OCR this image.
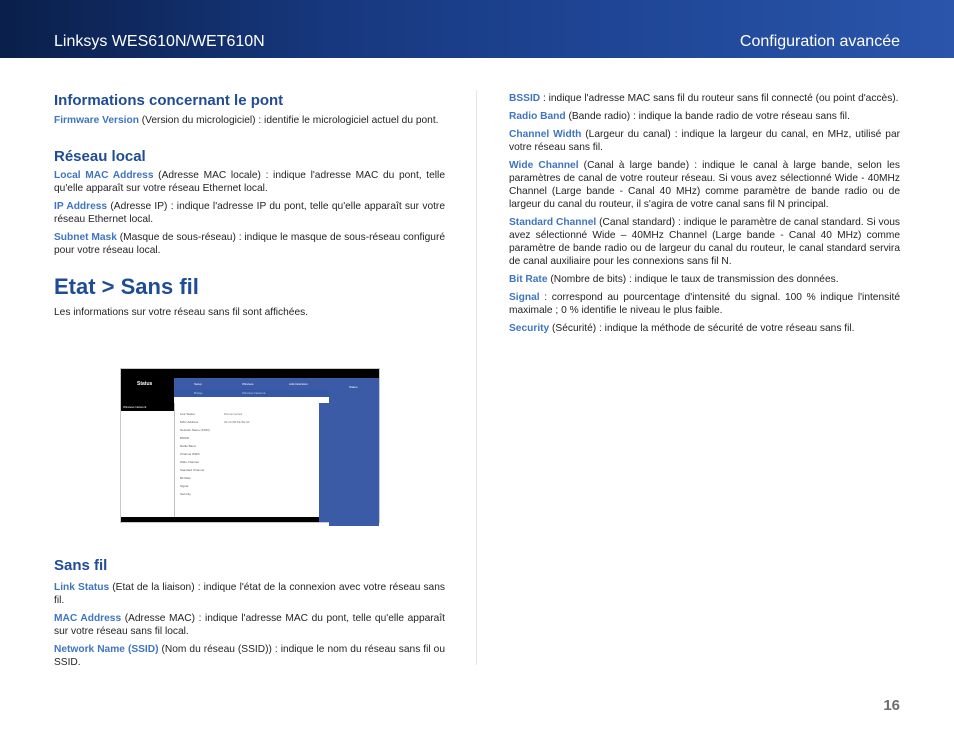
Linksys WES610N/WET610N	Configuration avancée
Informations concernant le pont

Firmware Version (Version du micrologiciel) : identifie le micrologiciel actuel du pont.

Réseau local

Local MAC Address (Adresse MAC locale) : indique l'adresse MAC du pont, telle qu'elle apparaît sur votre réseau Ethernet local.

IP Address (Adresse IP) : indique l'adresse IP du pont, telle qu'elle apparaît sur votre réseau Ethernet local.

Subnet Mask (Masque de sous-réseau) : indique le masque de sous-réseau configuré pour votre réseau local.

Etat > Sans fil

Les informations sur votre réseau sans fil sont affichées.

Status	Setup	Wireless	Administration
Bridge	Wireless Network
Status
Wireless Network
Link Status
MAC Address
Network Name (SSID)
BSSID
Radio Band
Channel Width
Wide Channel
Standard Channel
Bit Rate
Signal
Security
Disconnected
00:22:6B:FE:5E:9A
Sans fil

Link Status (Etat de la liaison) : indique l'état de la connexion avec votre réseau sans fil.

MAC Address (Adresse MAC) : indique l'adresse MAC du pont, telle qu'elle apparaît sur votre réseau sans fil local.

Network Name (SSID) (Nom du réseau (SSID)) : indique le nom du réseau sans fil ou SSID.

BSSID : indique l'adresse MAC sans fil du routeur sans fil connecté (ou point d'accès).

Radio Band (Bande radio) : indique la bande radio de votre réseau sans fil.

Channel Width (Largeur du canal) : indique la largeur du canal, en MHz, utilisé par votre réseau sans fil.

Wide Channel (Canal à large bande) : indique le canal à large bande, selon les paramètres de canal de votre routeur réseau. Si vous avez sélectionné Wide - 40MHz Channel (Large bande - Canal 40 MHz) comme paramètre de bande radio ou de largeur du canal du routeur, il s'agira de votre canal sans fil N principal.

Standard Channel (Canal standard) : indique le paramètre de canal standard. Si vous avez sélectionné Wide – 40MHz Channel (Large bande - Canal 40 MHz) comme paramètre de bande radio ou de largeur du canal du routeur, le canal standard servira de canal auxiliaire pour les connexions sans fil N.

Bit Rate (Nombre de bits) : indique le taux de transmission des données.

Signal : correspond au pourcentage d'intensité du signal. 100 % indique l'intensité maximale ; 0 % identifie le niveau le plus faible.

Security (Sécurité) : indique la méthode de sécurité de votre réseau sans fil.

16
